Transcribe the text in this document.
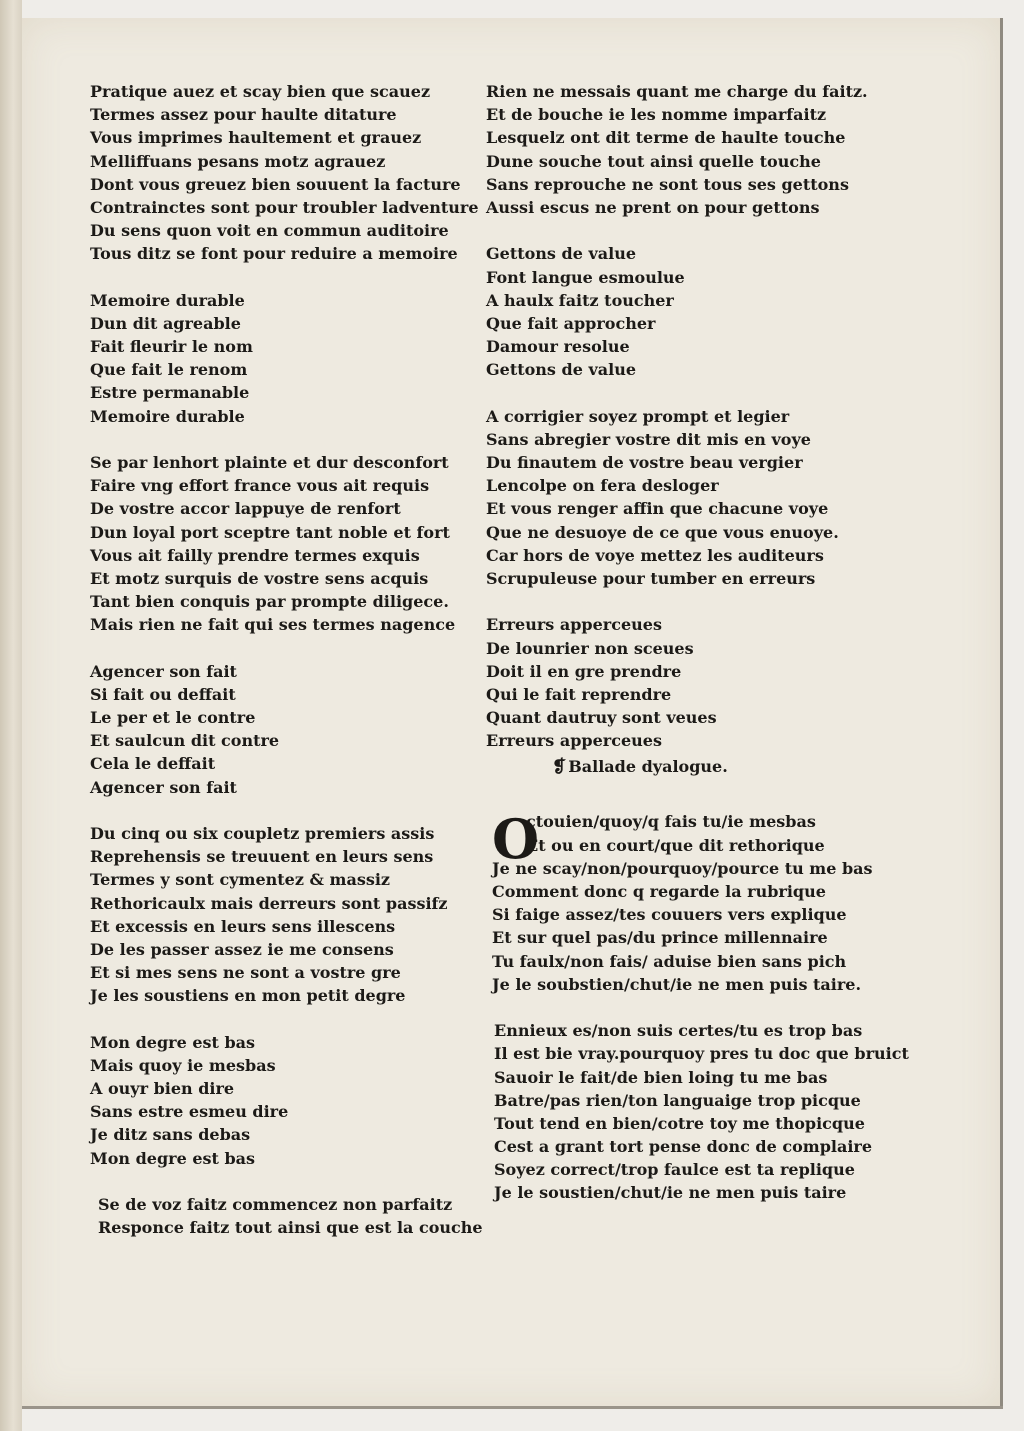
Pratique auez et scay bien que scauez
Termes assez pour haulte ditature
Vous imprimes haultement et grauez
Melliffuans pesans motz agrauez
Dont vous greuez bien souuent la facture
Contrainctes sont pour troubler ladventure
Du sens quon voit en commun auditoire
Tous ditz se font pour reduire a memoire
Memoire durable
Dun dit agreable
Fait fleurir le nom
Que fait le renom
Estre permanable
Memoire durable
Se par lenhort plainte et dur desconfort
Faire vng effort france vous ait requis
De vostre accor lappuye de renfort
Dun loyal port sceptre tant noble et fort
Vous ait failly prendre termes exquis
Et motz surquis de vostre sens acquis
Tant bien conquis par prompte diligece.
Mais rien ne fait qui ses termes nagence
Agencer son fait
Si fait ou deffait
Le per et le contre
Et saulcun dit contre
Cela le deffait
Agencer son fait
Du cinq ou six coupletz premiers assis
Reprehensis se treuuent en leurs sens
Termes y sont cymentez & massiz
Rethoricaulx mais derreurs sont passifz
Et excessis en leurs sens illescens
De les passer assez ie me consens
Et si mes sens ne sont a vostre gre
Je les soustiens en mon petit degre
Mon degre est bas
Mais quoy ie mesbas
A ouyr bien dire
Sans estre esmeu dire
Je ditz sans debas
Mon degre est bas
Se de voz faitz commencez non parfaitz
Responce faitz tout ainsi que est la couche
Rien ne messais quant me charge du faitz.
Et de bouche ie les nomme imparfaitz
Lesquelz ont dit terme de haulte touche
Dune souche tout ainsi quelle touche
Sans reprouche ne sont tous ses gettons
Aussi escus ne prent on pour gettons
Gettons de value
Font langue esmoulue
A haulx faitz toucher
Que fait approcher
Damour resolue
Gettons de value
A corrigier soyez prompt et legier
Sans abregier vostre dit mis en voye
Du finautem de vostre beau vergier
Lencolpe on fera desloger
Et vous renger affin que chacune voye
Que ne desuoye de ce que vous enuoye.
Car hors de voye mettez les auditeurs
Scrupuleuse pour tumber en erreurs
Erreurs apperceues
De lounrier non sceues
Doit il en gre prendre
Qui le fait reprendre
Quant dautruy sont veues
Erreurs apperceues
❡ Ballade dyalogue.
O
ctouien/quoy/q fais tu/ie mesbas
Et ou en court/que dit rethorique
Je ne scay/non/pourquoy/pource tu me bas
Comment donc q regarde la rubrique
Si faige assez/tes couuers vers explique
Et sur quel pas/du prince millennaire
Tu faulx/non fais/ aduise bien sans pich
Je le soubstien/chut/ie ne men puis taire.
Ennieux es/non suis certes/tu es trop bas
Il est bie vray.pourquoy pres tu doc que bruict
Sauoir le fait/de bien loing tu me bas
Batre/pas rien/ton languaige trop picque
Tout tend en bien/cotre toy me thopicque
Cest a grant tort pense donc de complaire
Soyez correct/trop faulce est ta replique
Je le soustien/chut/ie ne men puis taire
